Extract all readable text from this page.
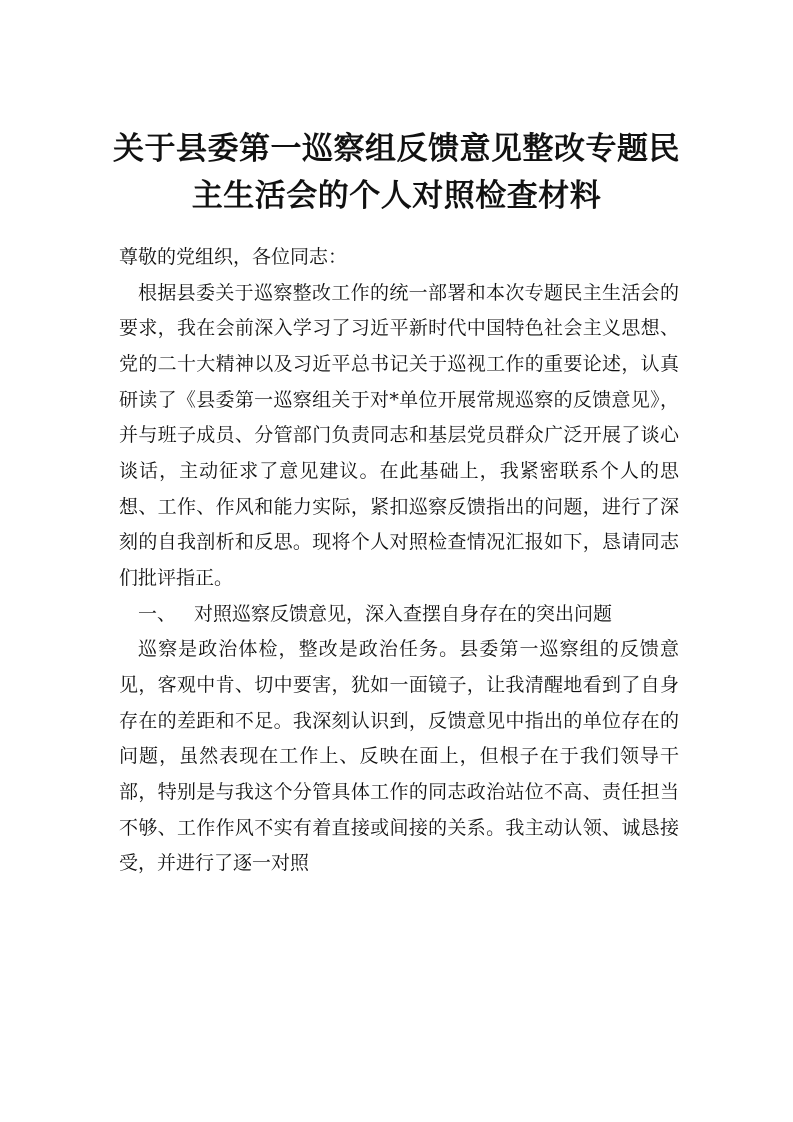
关于县委第一巡察组反馈意见整改专题民
主生活会的个人对照检查材料

尊敬的党组织，各位同志：

根据县委关于巡察整改工作的统一部署和本次专题民主生活会的要求，我在会前深入学习了习近平新时代中国特色社会主义思想、党的二十大精神以及习近平总书记关于巡视工作的重要论述，认真研读了《县委第一巡察组关于对*单位开展常规巡察的反馈意见》，并与班子成员、分管部门负责同志和基层党员群众广泛开展了谈心谈话，主动征求了意见建议。在此基础上，我紧密联系个人的思想、工作、作风和能力实际，紧扣巡察反馈指出的问题，进行了深刻的自我剖析和反思。现将个人对照检查情况汇报如下，恳请同志们批评指正。

一、 对照巡察反馈意见，深入查摆自身存在的突出问题

巡察是政治体检，整改是政治任务。县委第一巡察组的反馈意见，客观中肯、切中要害，犹如一面镜子，让我清醒地看到了自身存在的差距和不足。我深刻认识到，反馈意见中指出的单位存在的问题，虽然表现在工作上、反映在面上，但根子在于我们领导干部，特别是与我这个分管具体工作的同志政治站位不高、责任担当不够、工作作风不实有着直接或间接的关系。我主动认领、诚恳接受，并进行了逐一对照
